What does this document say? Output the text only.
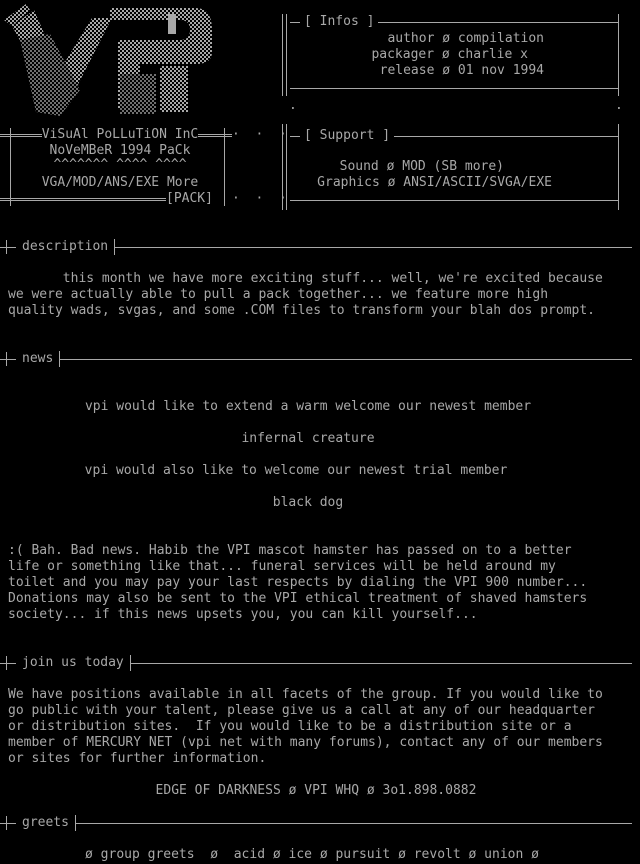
[ Infos ]
author ø compilation
packager ø charlie x
release ø 01 nov 1994
.	.
[ Support ]
Sound ø MOD (SB more)
Graphics ø ANSI/ASCII/SVGA/EXE
ViSuAl PoLLuTiON InC
NoVeMBeR 1994 PaCk
^^^^^^^ ^^^^ ^^^^
VGA/MOD/ANS/EXE More
[PACK]
·  ·  ·
·  ·  ·
description
this month we have more exciting stuff... well, we're excited because
we were actually able to pull a pack together... we feature more high
quality wads, svgas, and some .COM files to transform your blah dos prompt.
news
vpi would like to extend a warm welcome our newest member
infernal creature
vpi would also like to welcome our newest trial member
black dog
:( Bah. Bad news. Habib the VPI mascot hamster has passed on to a better
life or something like that... funeral services will be held around my
toilet and you may pay your last respects by dialing the VPI 900 number...
Donations may also be sent to the VPI ethical treatment of shaved hamsters
society... if this news upsets you, you can kill yourself...
join us today
We have positions available in all facets of the group. If you would like to
go public with your talent, please give us a call at any of our headquarter
or distribution sites.  If you would like to be a distribution site or a
member of MERCURY NET (vpi net with many forums), contact any of our members
or sites for further information.
EDGE OF DARKNESS ø VPI WHQ ø 3o1.898.0882
greets
ø group greets  ø  acid ø ice ø pursuit ø revolt ø union ø
